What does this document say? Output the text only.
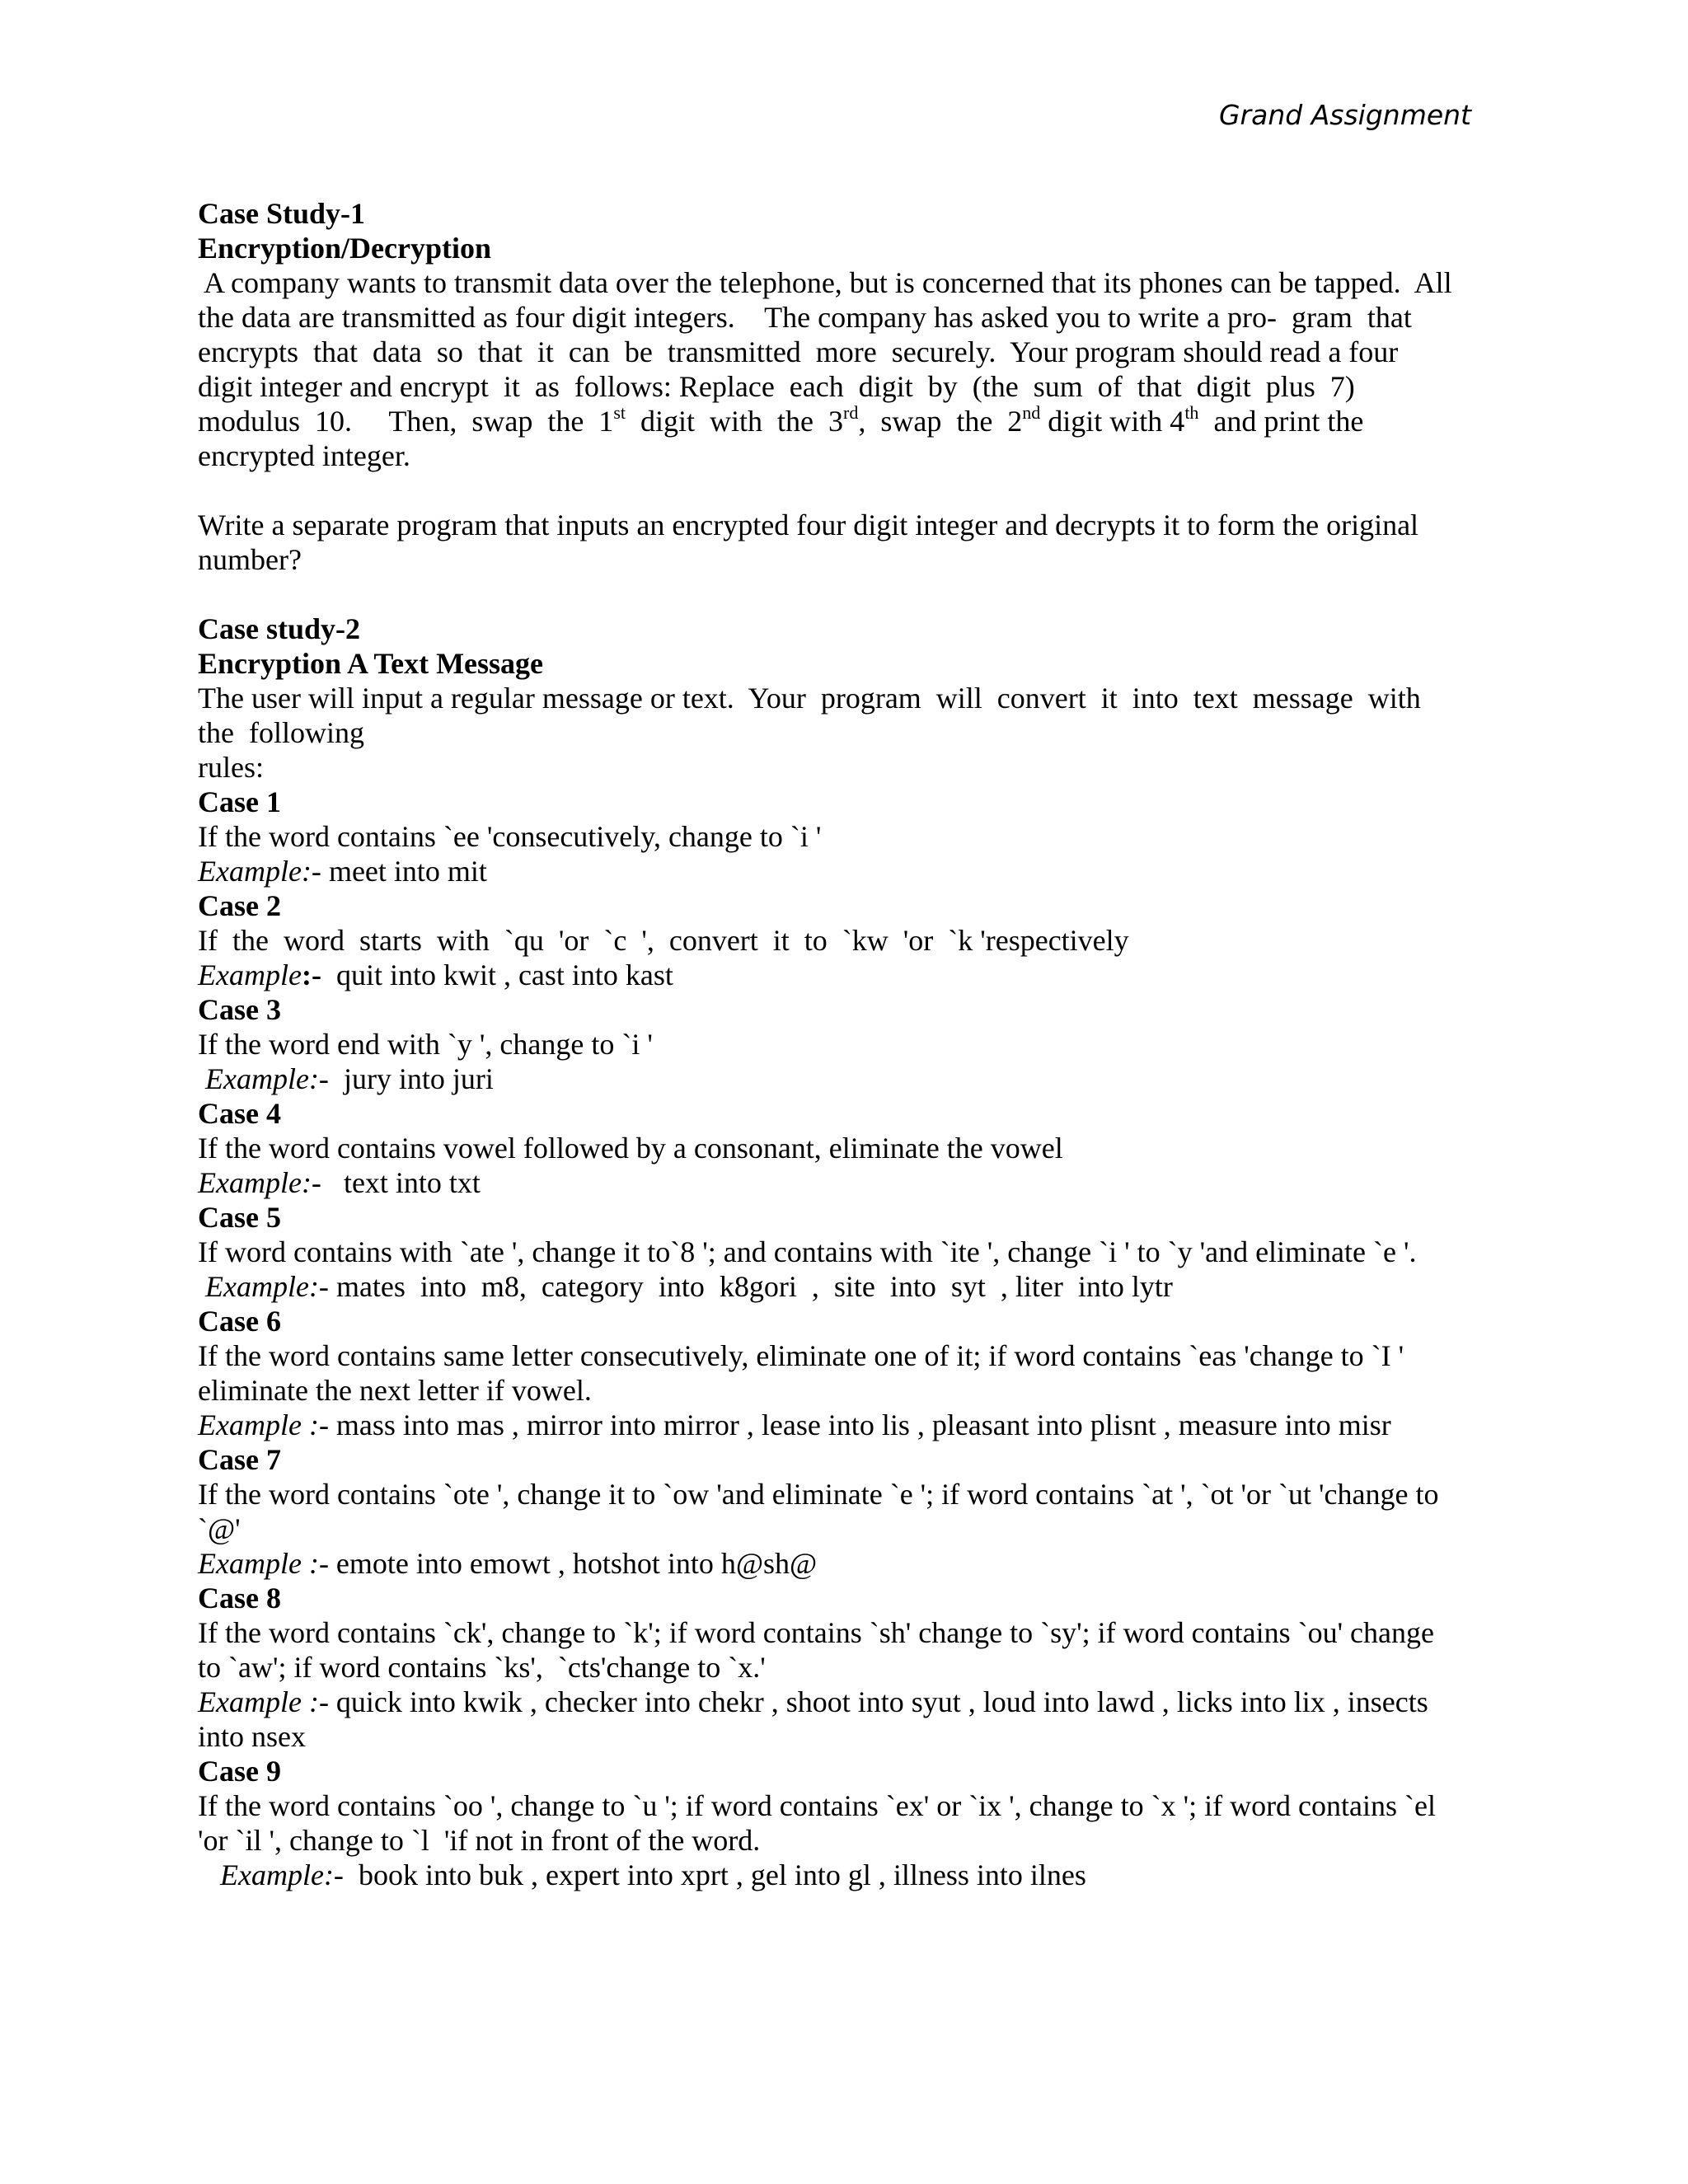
Grand Assignment
Case Study-1
Encryption/Decryption
A company wants to transmit data over the telephone, but is concerned that its phones can be tapped.  All
the data are transmitted as four digit integers.    The company has asked you to write a pro-  gram  that
encrypts  that  data  so  that  it  can  be  transmitted  more  securely.  Your program should read a four
digit integer and encrypt  it  as  follows: Replace  each  digit  by  (the  sum  of  that  digit  plus  7)
modulus  10.     Then,  swap  the  1st  digit  with  the  3rd,  swap  the  2nd digit with 4th  and print the
encrypted integer.
Write a separate program that inputs an encrypted four digit integer and decrypts it to form the original
number?
Case study-2
Encryption A Text Message
The user will input a regular message or text.  Your  program  will  convert  it  into  text  message  with
the  following
rules:
Case 1
If the word contains `ee 'consecutively, change to `i '
Example:- meet into mit
Case 2
If  the  word  starts  with  `qu  'or  `c  ',  convert  it  to  `kw  'or  `k 'respectively
Example:-  quit into kwit , cast into kast
Case 3
If the word end with `y ', change to `i '
Example:-  jury into juri
Case 4
If the word contains vowel followed by a consonant, eliminate the vowel
Example:-   text into txt
Case 5
If word contains with `ate ', change it to`8 '; and contains with `ite ', change `i ' to `y 'and eliminate `e '.
Example:- mates  into  m8,  category  into  k8gori  ,  site  into  syt  , liter  into lytr
Case 6
If the word contains same letter consecutively, eliminate one of it; if word contains `eas 'change to `I '
eliminate the next letter if vowel.
Example :- mass into mas , mirror into mirror , lease into lis , pleasant into plisnt , measure into misr
Case 7
If the word contains `ote ', change it to `ow 'and eliminate `e '; if word contains `at ', `ot 'or `ut 'change to
`@'
Example :- emote into emowt , hotshot into h@sh@
Case 8
If the word contains `ck', change to `k'; if word contains `sh' change to `sy'; if word contains `ou' change
to `aw'; if word contains `ks',  `cts'change to `x.'
Example :- quick into kwik , checker into chekr , shoot into syut , loud into lawd , licks into lix , insects
into nsex
Case 9
If the word contains `oo ', change to `u '; if word contains `ex' or `ix ', change to `x '; if word contains `el
'or `il ', change to `l  'if not in front of the word.
Example:-  book into buk , expert into xprt , gel into gl , illness into ilnes
